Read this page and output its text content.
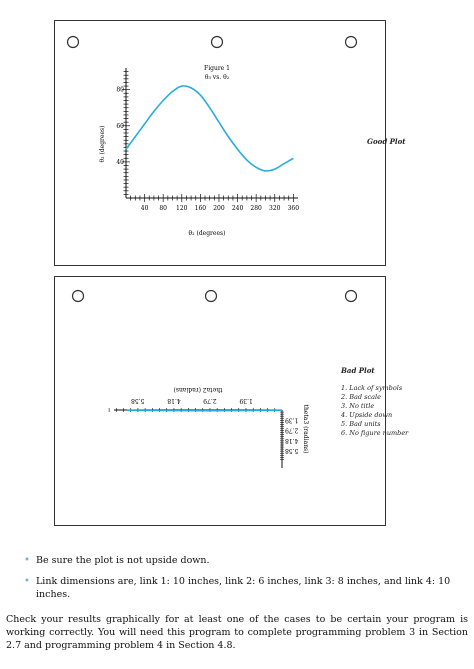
Figure 1
θ₃ vs. θ₂
40 80 120 160 200 240 280 320 360
40
60
80
θ₂ (degrees)
θ₃ (degrees)	Good Plot
1.39
2.79
4.18
5.58
1.39
2.79
4.18
5.58
theta2 (radians)
theta3 (radians)
Bad Plot
1. Lack of symbols
2. Bad scale
3. No title
4. Upside down
5. Bad units
6. No figure number
• Be sure the plot is not upside down.
• Link dimensions are, link 1: 10 inches, link 2: 6 inches, link 3: 8 inches, and link 4: 10 inches.
Check your results graphically for at least one of the cases to be certain your program is working correctly. You will need this program to complete programming problem 3 in Section 2.7 and programming problem 4 in Section 4.8.
